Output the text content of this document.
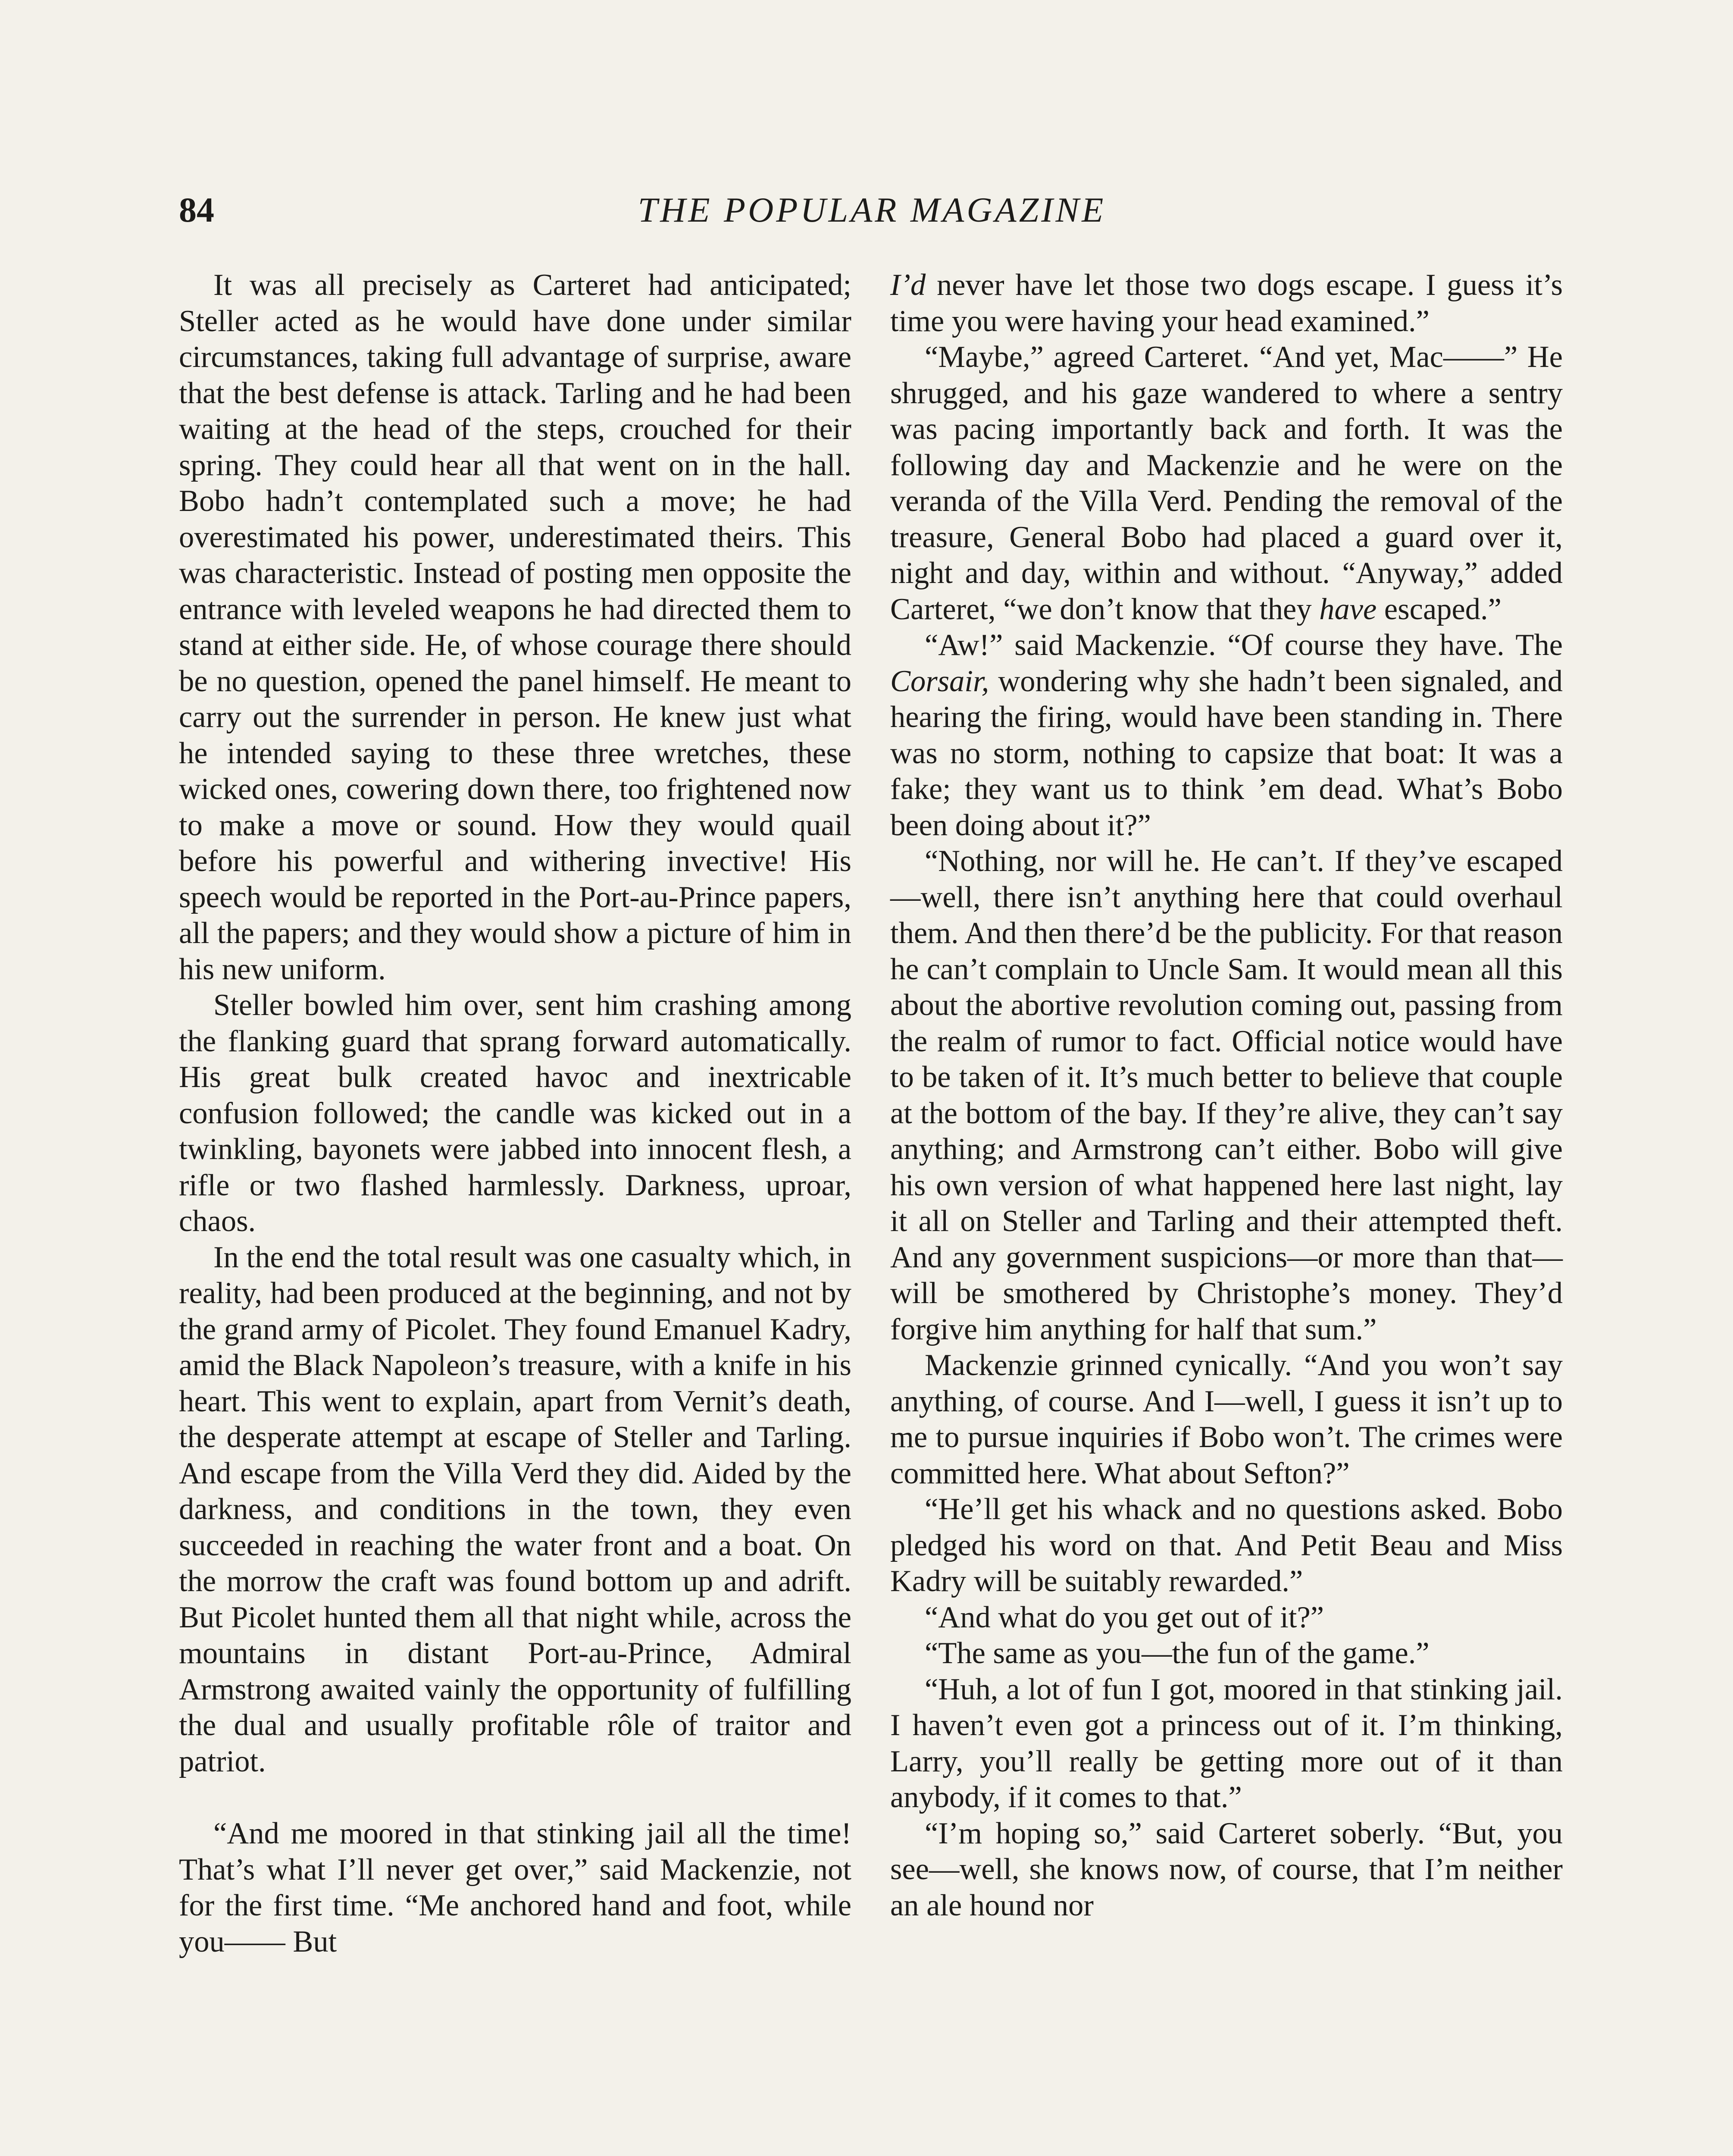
84	THE POPULAR MAGAZINE

It was all precisely as Carteret had anticipated; Steller acted as he would have done under similar circumstances, taking full advantage of surprise, aware that the best defense is attack. Tarling and he had been waiting at the head of the steps, crouched for their spring. They could hear all that went on in the hall. Bobo hadn’t contemplated such a move; he had overestimated his power, underestimated theirs. This was characteristic. Instead of posting men opposite the entrance with leveled weapons he had directed them to stand at either side. He, of whose courage there should be no question, opened the panel himself. He meant to carry out the surrender in person. He knew just what he intended saying to these three wretches, these wicked ones, cowering down there, too frightened now to make a move or sound. How they would quail before his powerful and withering invective! His speech would be reported in the Port-au-Prince papers, all the papers; and they would show a picture of him in his new uniform.

Steller bowled him over, sent him crashing among the flanking guard that sprang forward automatically. His great bulk created havoc and inextricable confusion followed; the candle was kicked out in a twinkling, bayonets were jabbed into innocent flesh, a rifle or two flashed harmlessly. Darkness, uproar, chaos.

In the end the total result was one casualty which, in reality, had been produced at the beginning, and not by the grand army of Picolet. They found Emanuel Kadry, amid the Black Napoleon’s treasure, with a knife in his heart. This went to explain, apart from Vernit’s death, the desperate attempt at escape of Steller and Tarling. And escape from the Villa Verd they did. Aided by the darkness, and conditions in the town, they even succeeded in reaching the water front and a boat. On the morrow the craft was found bottom up and adrift. But Picolet hunted them all that night while, across the mountains in distant Port-au-Prince, Admiral Armstrong awaited vainly the opportunity of fulfilling the dual and usually profitable rôle of traitor and patriot.

“And me moored in that stinking jail all the time! That’s what I’ll never get over,” said Mackenzie, not for the first time. “Me anchored hand and foot, while you—— But

I’d never have let those two dogs escape. I guess it’s time you were having your head examined.”

“Maybe,” agreed Carteret. “And yet, Mac——” He shrugged, and his gaze wandered to where a sentry was pacing importantly back and forth. It was the following day and Mackenzie and he were on the veranda of the Villa Verd. Pending the removal of the treasure, General Bobo had placed a guard over it, night and day, within and without. “Anyway,” added Carteret, “we don’t know that they have escaped.”

“Aw!” said Mackenzie. “Of course they have. The Corsair, wondering why she hadn’t been signaled, and hearing the firing, would have been standing in. There was no storm, nothing to capsize that boat: It was a fake; they want us to think ’em dead. What’s Bobo been doing about it?”

“Nothing, nor will he. He can’t. If they’ve escaped—well, there isn’t anything here that could overhaul them. And then there’d be the publicity. For that reason he can’t complain to Uncle Sam. It would mean all this about the abortive revolution coming out, passing from the realm of rumor to fact. Official notice would have to be taken of it. It’s much better to believe that couple at the bottom of the bay. If they’re alive, they can’t say anything; and Armstrong can’t either. Bobo will give his own version of what happened here last night, lay it all on Steller and Tarling and their attempted theft. And any government suspicions—or more than that—will be smothered by Christophe’s money. They’d forgive him anything for half that sum.”

Mackenzie grinned cynically. “And you won’t say anything, of course. And I—well, I guess it isn’t up to me to pursue inquiries if Bobo won’t. The crimes were committed here. What about Sefton?”

“He’ll get his whack and no questions asked. Bobo pledged his word on that. And Petit Beau and Miss Kadry will be suitably rewarded.”

“And what do you get out of it?”

“The same as you—the fun of the game.”

“Huh, a lot of fun I got, moored in that stinking jail. I haven’t even got a princess out of it. I’m thinking, Larry, you’ll really be getting more out of it than anybody, if it comes to that.”

“I’m hoping so,” said Carteret soberly. “But, you see—well, she knows now, of course, that I’m neither an ale hound nor
